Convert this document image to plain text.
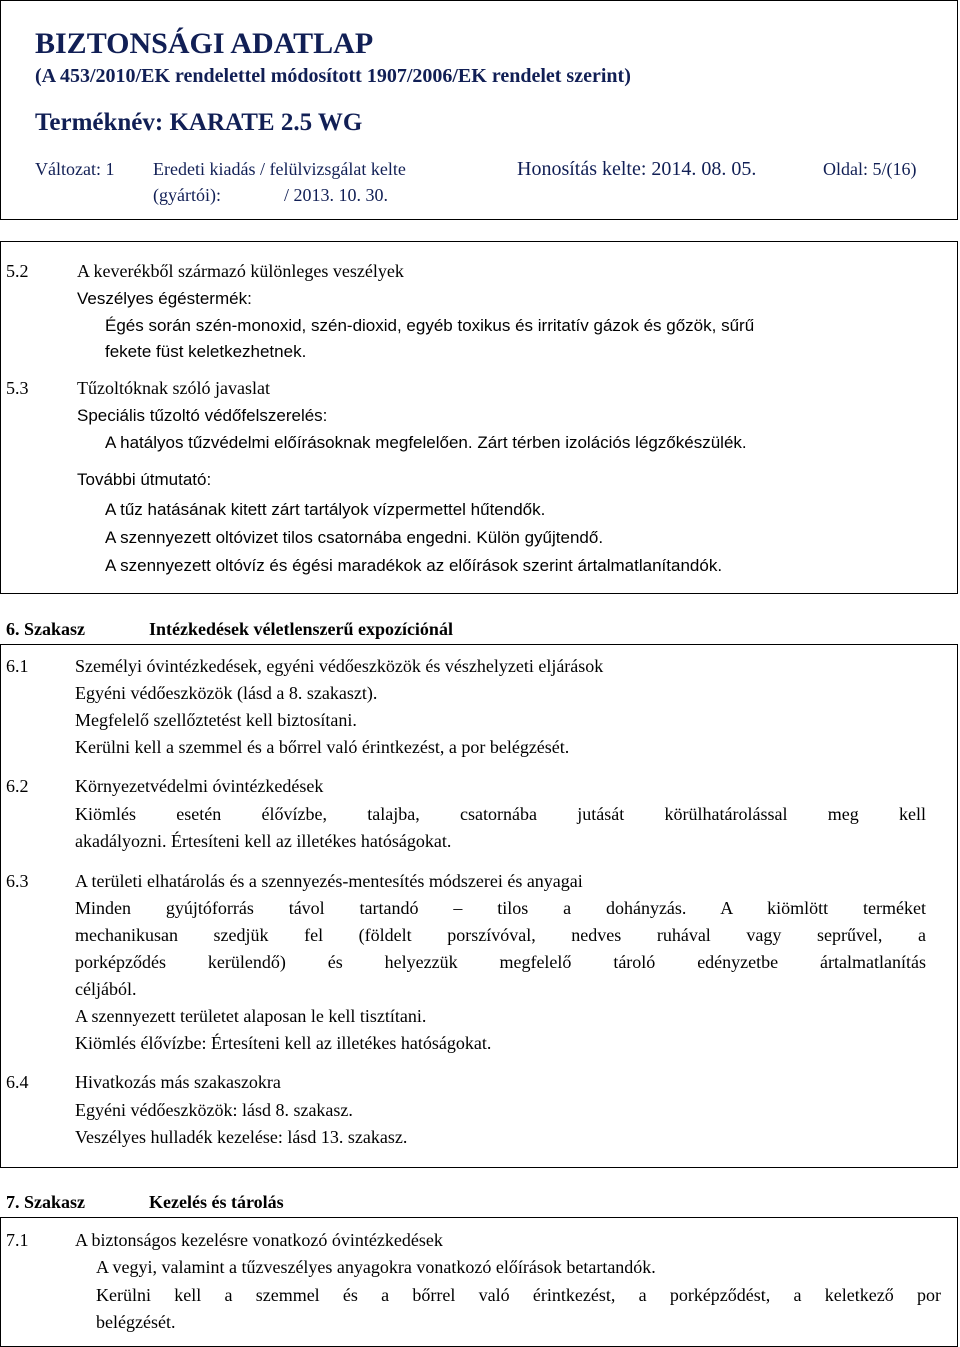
BIZTONSÁGI ADATLAP
(A 453/2010/EK rendelettel módosított 1907/2006/EK rendelet szerint)
Terméknév: KARATE 2.5 WG
Változat: 1 Eredeti kiadás / felülvizsgálat kelte
(gyártói):	/ 2013. 10. 30.
Honosítás kelte: 2014. 08. 05.	Oldal: 5/(16)
5.2	A keverékből származó különleges veszélyek
Veszélyes égéstermék:
Égés során szén-monoxid, szén-dioxid, egyéb toxikus és irritatív gázok és gőzök, sűrű
fekete füst keletkezhetnek.
5.3	Tűzoltóknak szóló javaslat
Speciális tűzoltó védőfelszerelés:
A hatályos tűzvédelmi előírásoknak megfelelően. Zárt térben izolációs légzőkészülék.
További útmutató:
A tűz hatásának kitett zárt tartályok vízpermettel hűtendők.
A szennyezett oltóvizet tilos csatornába engedni. Külön gyűjtendő.
A szennyezett oltóvíz és égési maradékok az előírások szerint ártalmatlanítandók.
6. Szakasz	Intézkedések véletlenszerű expozíciónál
6.1	Személyi óvintézkedések, egyéni védőeszközök és vészhelyzeti eljárások
Egyéni védőeszközök (lásd a 8. szakaszt).
Megfelelő szellőztetést kell biztosítani.
Kerülni kell a szemmel és a bőrrel való érintkezést, a por belégzését.
6.2	Környezetvédelmi óvintézkedések
Kiömlés esetén élővízbe, talajba, csatornába jutását körülhatárolással meg kell
akadályozni. Értesíteni kell az illetékes hatóságokat.
6.3	A területi elhatárolás és a szennyezés-mentesítés módszerei és anyagai
Minden gyújtóforrás távol tartandó – tilos a dohányzás. A kiömlött terméket
mechanikusan szedjük fel (földelt porszívóval, nedves ruhával vagy seprűvel, a
porképződés kerülendő) és helyezzük megfelelő tároló edényzetbe ártalmatlanítás
céljából.
A szennyezett területet alaposan le kell tisztítani.
Kiömlés élővízbe: Értesíteni kell az illetékes hatóságokat.
6.4	Hivatkozás más szakaszokra
Egyéni védőeszközök: lásd 8. szakasz.
Veszélyes hulladék kezelése: lásd 13. szakasz.
7. Szakasz	Kezelés és tárolás
7.1	A biztonságos kezelésre vonatkozó óvintézkedések
A vegyi, valamint a tűzveszélyes anyagokra vonatkozó előírások betartandók.
Kerülni kell a szemmel és a bőrrel való érintkezést, a porképződést, a keletkező por
belégzését.
